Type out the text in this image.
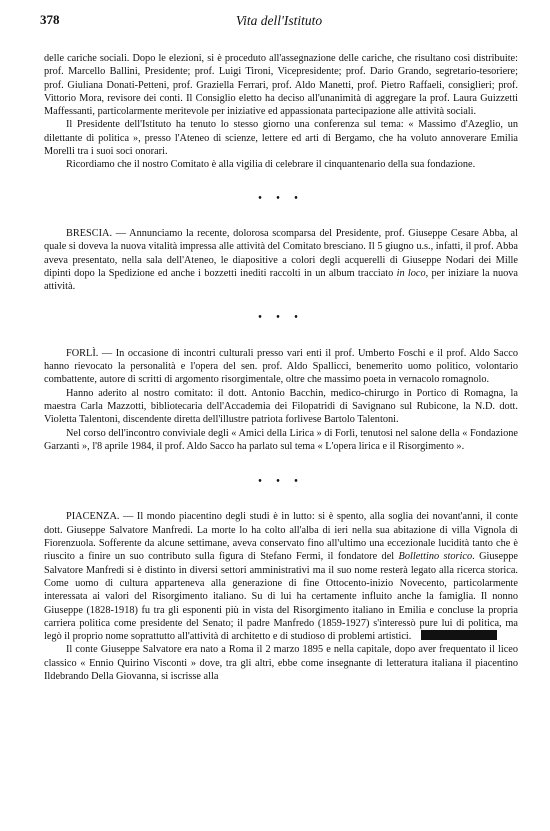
378	Vita dell'Istituto

delle cariche sociali. Dopo le elezioni, si è proceduto all'assegnazione delle cariche, che risultano così distribuite: prof. Marcello Ballini, Presidente; prof. Luigi Tironi, Vicepresidente; prof. Dario Grando, segretario-tesoriere; prof. Giuliana Donati-Petteni, prof. Graziella Ferrari, prof. Aldo Manetti, prof. Pietro Raffaeli, consiglieri; prof. Vittorio Mora, revisore dei conti. Il Consiglio eletto ha deciso all'unanimità di aggregare la prof. Laura Guizzetti Maffessanti, particolarmente meritevole per iniziative ed appassionata partecipazione alle attività sociali.

Il Presidente dell'Istituto ha tenuto lo stesso giorno una conferenza sul tema: « Massimo d'Azeglio, un dilettante di politica », presso l'Ateneo di scienze, lettere ed arti di Bergamo, che ha voluto annoverare Emilia Morelli tra i suoi soci onorari.

Ricordiamo che il nostro Comitato è alla vigilia di celebrare il cinquantenario della sua fondazione.

• • •

BRESCIA. — Annunciamo la recente, dolorosa scomparsa del Presidente, prof. Giuseppe Cesare Abba, al quale si doveva la nuova vitalità impressa alle attività del Comitato bresciano. Il 5 giugno u.s., infatti, il prof. Abba aveva presentato, nella sala dell'Ateneo, le diapositive a colori degli acquerelli di Giuseppe Nodari dei Mille dipinti dopo la Spedizione ed anche i bozzetti inediti raccolti in un album tracciato in loco, per iniziare la nuova attività.

• • •

FORLÌ. — In occasione di incontri culturali presso vari enti il prof. Umberto Foschi e il prof. Aldo Sacco hanno rievocato la personalità e l'opera del sen. prof. Aldo Spallicci, benemerito uomo politico, volontario combattente, autore di scritti di argomento risorgimentale, oltre che massimo poeta in vernacolo romagnolo.

Hanno aderito al nostro comitato: il dott. Antonio Bacchin, medico-chirurgo in Portico di Romagna, la maestra Carla Mazzotti, bibliotecaria dell'Accademia dei Filopatridi di Savignano sul Rubicone, la N.D. dott. Violetta Talentoni, discendente diretta dell'illustre patriota forlivese Bartolo Talentoni.

Nel corso dell'incontro conviviale degli « Amici della Lirica » di Forlì, tenutosi nel salone della « Fondazione Garzanti », l'8 aprile 1984, il prof. Aldo Sacco ha parlato sul tema « L'opera lirica e il Risorgimento ».

• • •

PIACENZA. — Il mondo piacentino degli studi è in lutto: si è spento, alla soglia dei novant'anni, il conte dott. Giuseppe Salvatore Manfredi. La morte lo ha colto all'alba di ieri nella sua abitazione di villa Vignola di Fiorenzuola. Sofferente da alcune settimane, aveva conservato fino all'ultimo una eccezionale lucidità tanto che è riuscito a finire un suo contributo sulla figura di Stefano Fermi, il fondatore del Bollettino storico. Giuseppe Salvatore Manfredi si è distinto in diversi settori amministrativi ma il suo nome resterà legato alla ricerca storica. Come uomo di cultura apparteneva alla generazione di fine Ottocento-inizio Novecento, particolarmente interessata ai valori del Risorgimento italiano. Su di lui ha certamente influito anche la famiglia. Il nonno Giuseppe (1828-1918) fu tra gli esponenti più in vista del Risorgimento italiano in Emilia e concluse la propria carriera politica come presidente del Senato; il padre Manfredo (1859-1927) s'interessò pure lui di politica, ma legò il proprio nome soprattutto all'attività di architetto e di studioso di problemi artistici.

Il conte Giuseppe Salvatore era nato a Roma il 2 marzo 1895 e nella capitale, dopo aver frequentato il liceo classico « Ennio Quirino Visconti » dove, tra gli altri, ebbe come insegnante di letteratura italiana il piacentino Ildebrando Della Giovanna, si iscrisse alla
